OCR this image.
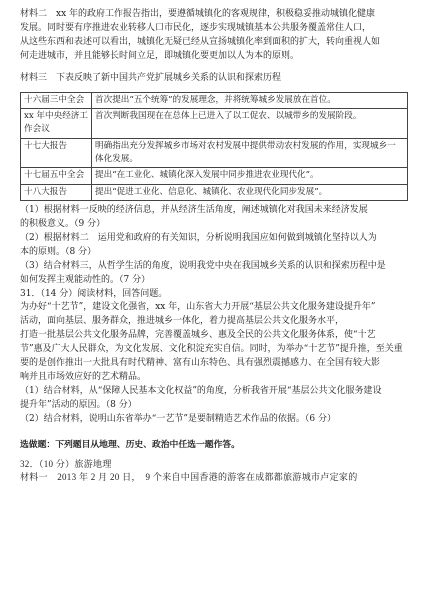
材料二　xx 年的政府工作报告指出，要遵循城镇化的客观规律，积极稳妥推动城镇化健康

发展。同时要有序推进农业转移人口市民化，逐步实现城镇基本公共服务覆盖常住人口，

从这些东西和表述可以看出，城镇化无疑已经从宣扬城镇化率到面积的扩大，转向重视人如

何走进城市，并且能够长时间立足，即城镇化要更加以人为本的原则。

材料三　下表反映了新中国共产党扩展城乡关系的认识和探索历程

十六届三中全会	首次提出“五个统筹”的发展理念，并将统筹城乡发展放在首位。
xx 年中央经济工作会议	首次判断我国现在在总体上已进入了以工促农、以城带乡的发展阶段。
十七大报告	明确指出充分发挥城乡市场对农村发展中提供带动农村发展的作用，实现城乡一体化发展。
十七届五中全会	提出“在工业化、城镇化深入发展中同步推进农业现代化”。
十八大报告	提出“促进工业化、信息化、城镇化、农业现代化同步发展”。

（1）根据材料一反映的经济信息，并从经济生活角度，阐述城镇化对我国未来经济发展

的积极意义。（9 分）

（2）根据材料二　运用党和政府的有关知识，分析说明我国应如何做到城镇化坚持以人为

本的原则。（8 分）

（3）结合材料三，从哲学生活的角度，说明我党中央在我国城乡关系的认识和探索历程中是

如何发挥主观能动性的。（7 分）

31．（14 分）阅读材料，回答问题。

为办好“十艺节”，建设文化强省，xx 年，山东省大力开展“基层公共文化服务建设提升年”

活动，面向基层、服务群众，推进城乡一体化，着力提高基层公共文化服务水平，

打造一批基层公共文化服务品牌，完善覆盖城乡、惠及全民的公共文化服务体系，使“十艺

节”惠及广大人民群众，为文化发展、文化积淀充实自信。同时，为举办“十艺节”提升推，至关重

要的是创作推出一大批具有时代精神、富有山东特色、具有强烈震撼感力、在全国有较大影

响并且市场效应好的艺术精品。

（1）结合材料，从“保障人民基本文化权益”的角度，分析我省开展“基层公共文化服务建设

提升年”活动的原因。（8 分）

（2）结合材料，说明山东省举办“一艺节”是要制精造艺术作品的依据。（6 分）

选做题：下列题目从地理、历史、政治中任选一题作答。

32．（10 分）旅游地理

材料一　2013 年 2 月 20 日，　9 个来自中国香港的游客在成都都旅游城市卢定家的
